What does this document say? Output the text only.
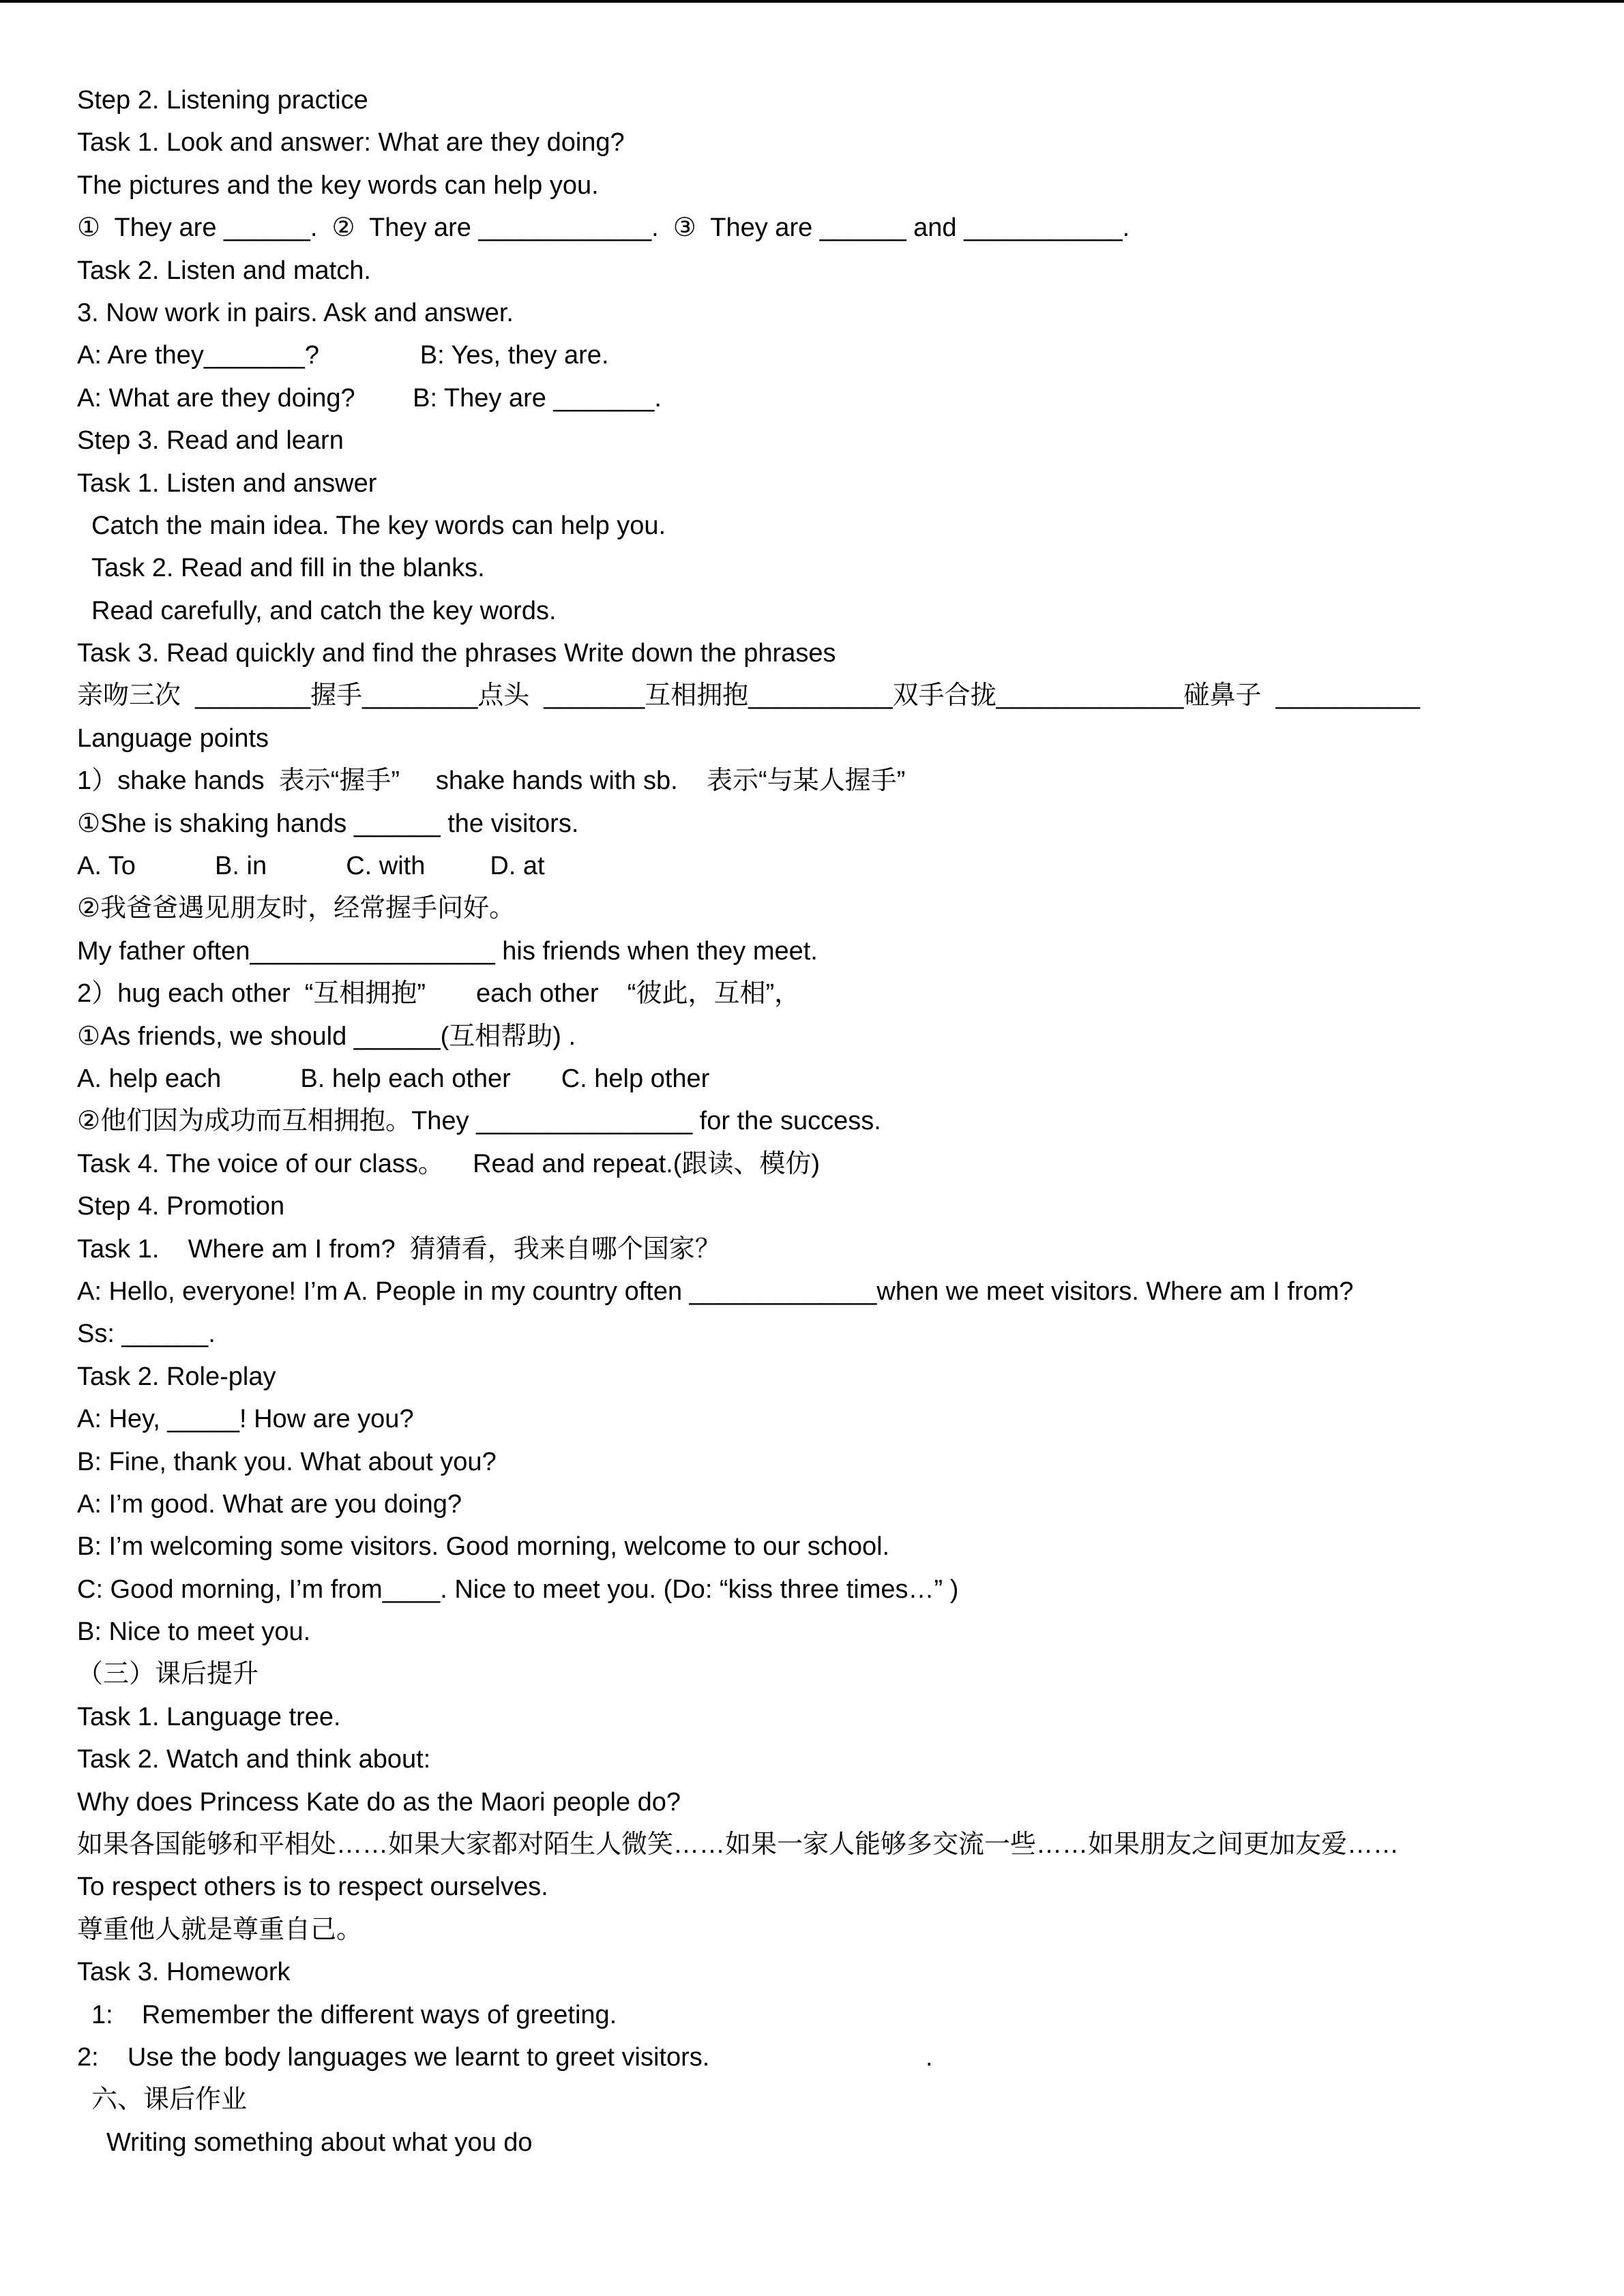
Step 2. Listening practice
Task 1. Look and answer: What are they doing?
The pictures and the key words can help you.
①  They are ______.  ②  They are ____________.  ③  They are ______ and ___________.
Task 2. Listen and match.
3. Now work in pairs. Ask and answer.
A: Are they_______?              B: Yes, they are.
A: What are they doing?        B: They are _______.
Step 3. Read and learn
Task 1. Listen and answer
Catch the main idea. The key words can help you.
Task 2. Read and fill in the blanks.
Read carefully, and catch the key words.
Task 3. Read quickly and find the phrases Write down the phrases
亲吻三次  ________握手________点头  _______互相拥抱__________双手合拢_____________碰鼻子  __________
Language points
1）shake hands  表示“握手”     shake hands with sb.    表示“与某人握手”
①She is shaking hands ______ the visitors.
A. To           B. in           C. with         D. at
②我爸爸遇见朋友时，经常握手问好。
My father often_________________ his friends when they meet.
2）hug each other  “互相拥抱”       each other    “彼此，互相”，
①As friends, we should ______(互相帮助) .
A. help each           B. help each other       C. help other
②他们因为成功而互相拥抱。They _______________ for the success.
Task 4. The voice of our class。    Read and repeat.(跟读、模仿)
Step 4. Promotion
Task 1.    Where am I from?  猜猜看，我来自哪个国家？
A: Hello, everyone! I’m A. People in my country often _____________when we meet visitors. Where am I from?
Ss: ______.
Task 2. Role-play
A: Hey, _____! How are you?
B: Fine, thank you. What about you?
A: I’m good. What are you doing?
B: I’m welcoming some visitors. Good morning, welcome to our school.
C: Good morning, I’m from____. Nice to meet you. (Do: “kiss three times…” )
B: Nice to meet you.
（三）课后提升
Task 1. Language tree.
Task 2. Watch and think about:
Why does Princess Kate do as the Maori people do?
如果各国能够和平相处……如果大家都对陌生人微笑……如果一家人能够多交流一些……如果朋友之间更加友爱……
To respect others is to respect ourselves.
尊重他人就是尊重自己。
Task 3. Homework
1:    Remember the different ways of greeting.
2:    Use the body languages we learnt to greet visitors.                              .
六、课后作业
Writing something about what you do
